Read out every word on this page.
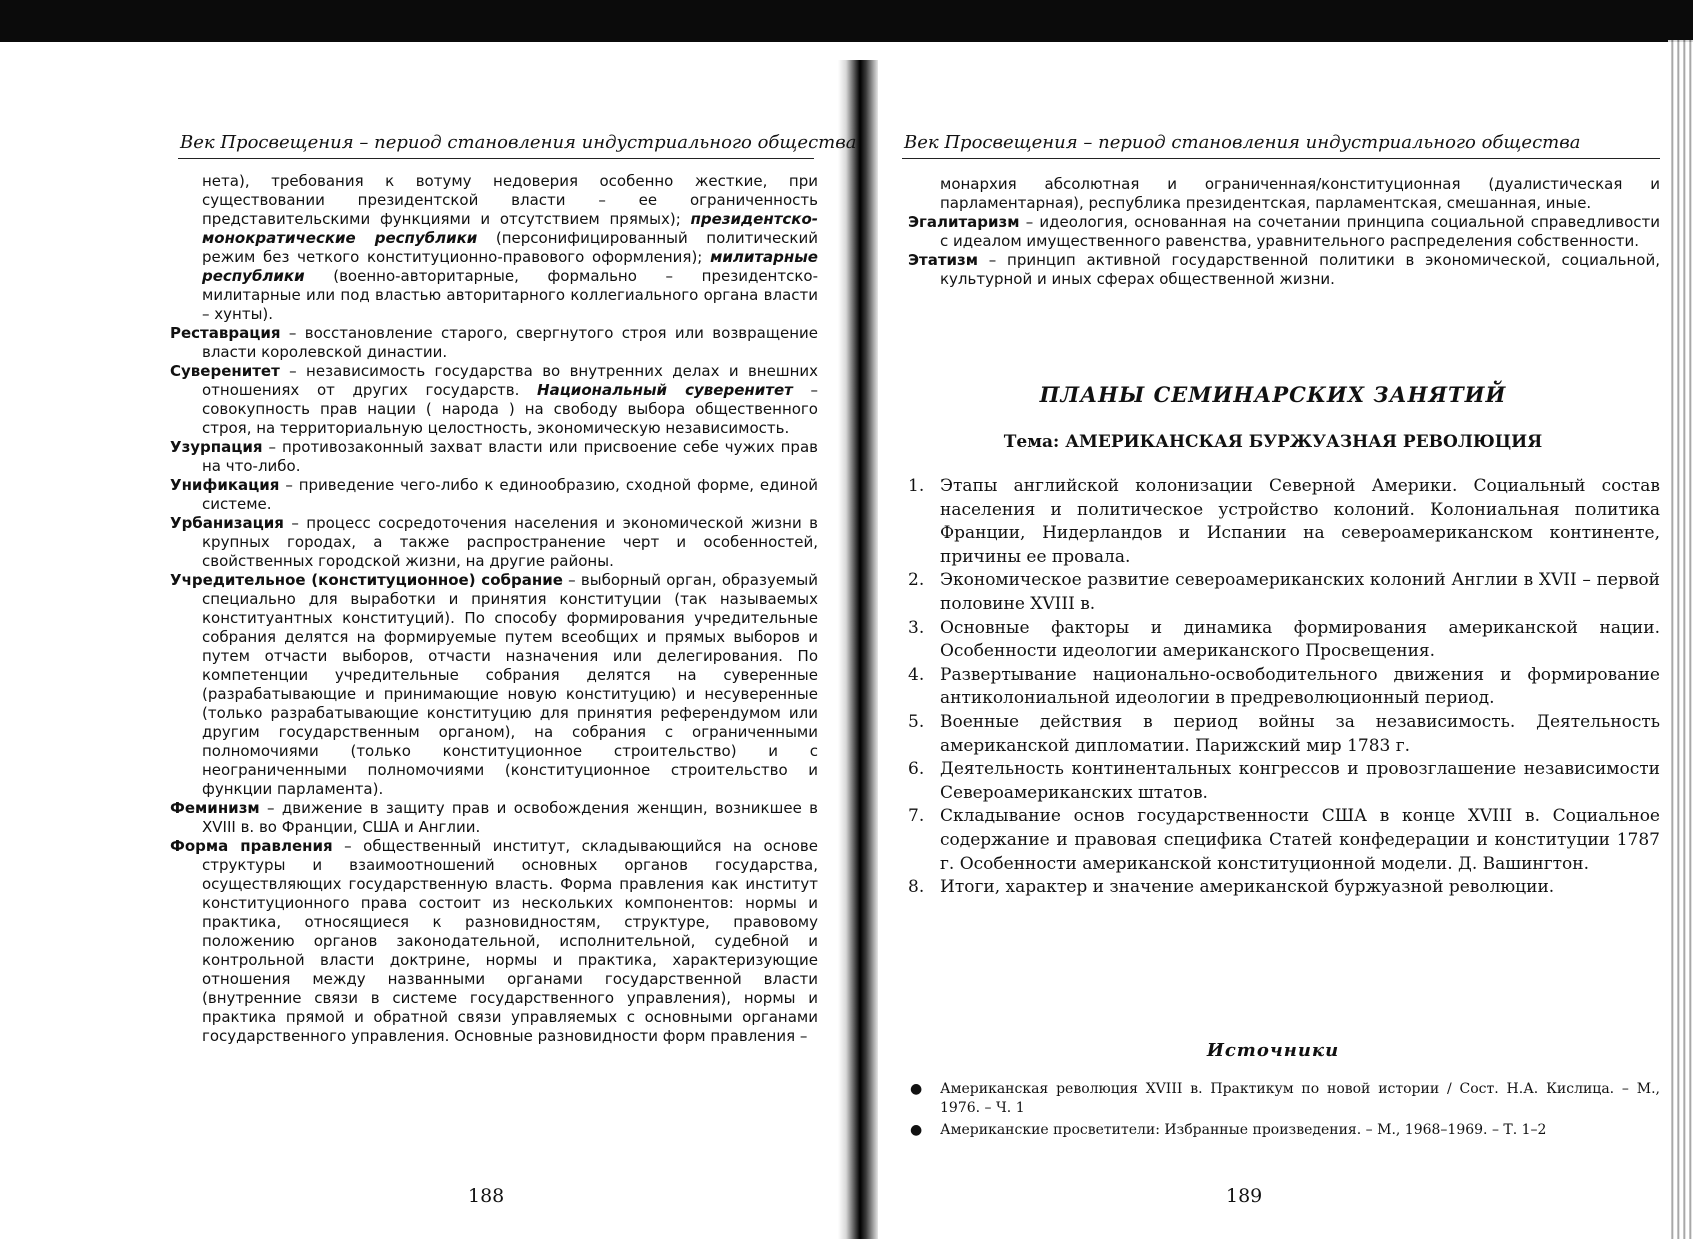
Век Просвещения – период становления индустриального общества

нета), требования к вотуму недоверия особенно жесткие, при существовании президентской власти – ее ограниченность представительскими функциями и отсутствием прямых); президентско-монократические республики (персонифицированный политический режим без четкого конституционно-правового оформления); милитарные республики (военно-авторитарные, формально – президентско-милитарные или под властью авторитарного коллегиального органа власти – хунты).

Реставрация – восстановление старого, свергнутого строя или возвращение власти королевской династии.

Суверенитет – независимость государства во внутренних делах и внешних отношениях от других государств. Национальный суверенитет – совокупность прав нации ( народа ) на свободу выбора общественного строя, на территориальную целостность, экономическую независимость.

Узурпация – противозаконный захват власти или присвоение себе чужих прав на что-либо.

Унификация – приведение чего-либо к единообразию, сходной форме, единой системе.

Урбанизация – процесс сосредоточения населения и экономической жизни в крупных городах, а также распространение черт и особенностей, свойственных городской жизни, на другие районы.

Учредительное (конституционное) собрание – выборный орган, образуемый специально для выработки и принятия конституции (так называемых конституантных конституций). По способу формирования учредительные собрания делятся на формируемые путем всеобщих и прямых выборов и путем отчасти выборов, отчасти назначения или делегирования. По компетенции учредительные собрания делятся на суверенные (разрабатывающие и принимающие новую конституцию) и несуверенные (только разрабатывающие конституцию для принятия референдумом или другим государственным органом), на собрания с ограниченными полномочиями (только конституционное строительство) и с неограниченными полномочиями (конституционное строительство и функции парламента).

Феминизм – движение в защиту прав и освобождения женщин, возникшее в XVIII в. во Франции, США и Англии.

Форма правления – общественный институт, складывающийся на основе структуры и взаимоотношений основных органов государства, осуществляющих государственную власть. Форма правления как институт конституционного права состоит из нескольких компонентов: нормы и практика, относящиеся к разновидностям, структуре, правовому положению органов законодательной, исполнительной, судебной и контрольной власти доктрине, нормы и практика, характеризующие отношения между названными органами государственной власти (внутренние связи в системе государственного управления), нормы и практика прямой и обратной связи управляемых с основными органами государственного управления. Основные разновидности форм правления –

188
Век Просвещения – период становления индустриального общества

монархия абсолютная и ограниченная/конституционная (дуалистическая и парламентарная), республика президентская, парламентская, смешанная, иные.

Эгалитаризм – идеология, основанная на сочетании принципа социальной справедливости с идеалом имущественного равенства, уравнительного распределения собственности.

Этатизм – принцип активной государственной политики в экономической, социальной, культурной и иных сферах общественной жизни.

ПЛАНЫ СЕМИНАРСКИХ ЗАНЯТИЙ
Тема: АМЕРИКАНСКАЯ БУРЖУАЗНАЯ РЕВОЛЮЦИЯ
1. Этапы английской колонизации Северной Америки. Социальный состав населения и политическое устройство колоний. Колониальная политика Франции, Нидерландов и Испании на североамериканском континенте, причины ее провала.
2. Экономическое развитие североамериканских колоний Англии в XVII – первой половине XVIII в.
3. Основные факторы и динамика формирования американской нации. Особенности идеологии американского Просвещения.
4. Развертывание национально-освободительного движения и формирование антиколониальной идеологии в предреволюционный период.
5. Военные действия в период войны за независимость. Деятельность американской дипломатии. Парижский мир 1783 г.
6. Деятельность континентальных конгрессов и провозглашение независимости Североамериканских штатов.
7. Складывание основ государственности США в конце XVIII в. Социальное содержание и правовая специфика Статей конфедерации и конституции 1787 г. Особенности американской конституционной модели. Д. Вашингтон.
8. Итоги, характер и значение американской буржуазной революции.
Источники
● Американская революция XVIII в. Практикум по новой истории / Сост. Н.А. Кислица. – М., 1976. – Ч. 1
● Американские просветители: Избранные произведения. – М., 1968–1969. – Т. 1–2
189
